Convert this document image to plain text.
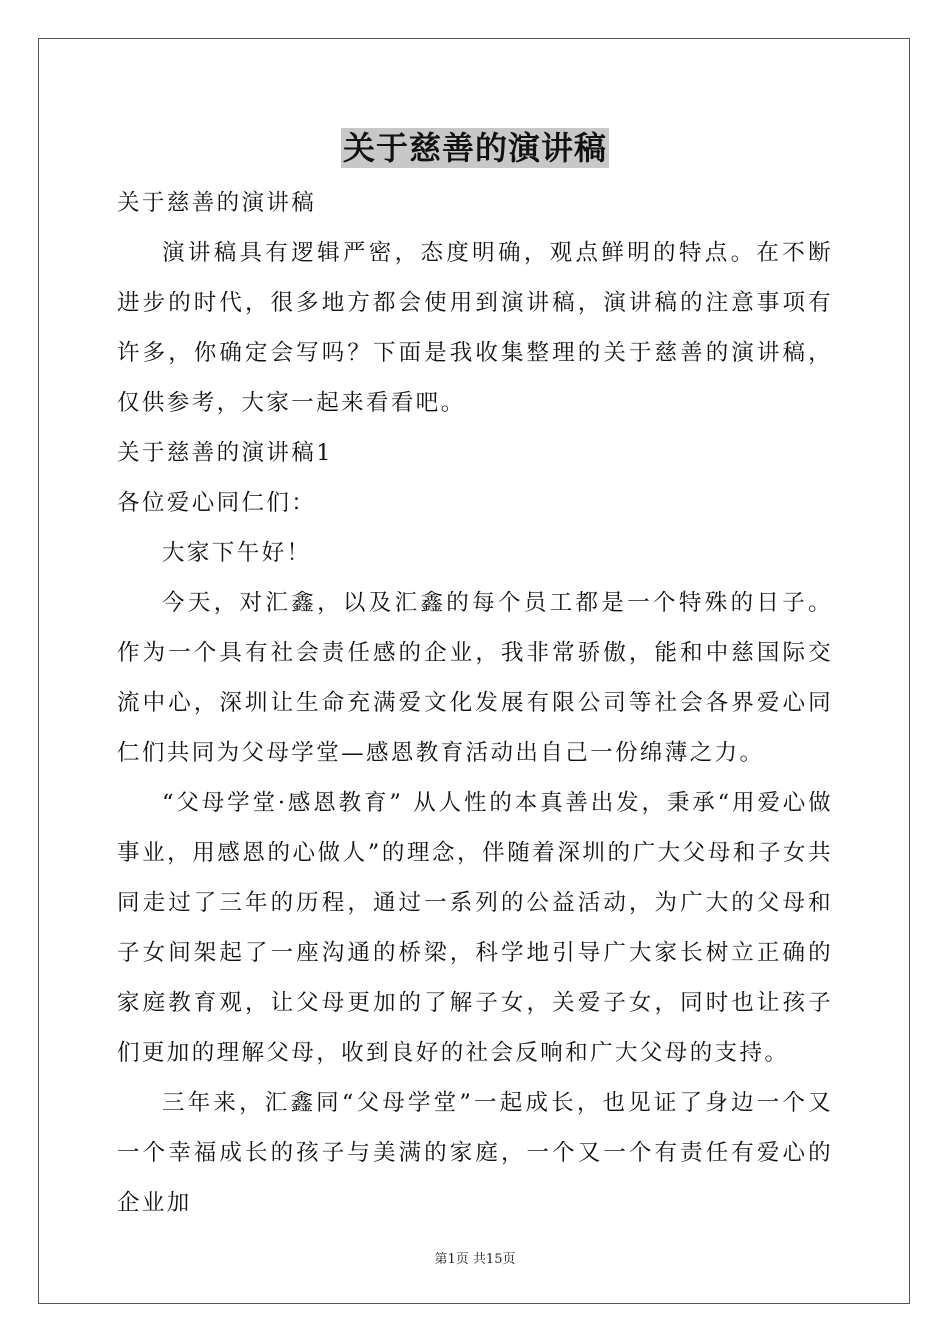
关于慈善的演讲稿
关于慈善的演讲稿

演讲稿具有逻辑严密，态度明确，观点鲜明的特点。在不断进步的时代，很多地方都会使用到演讲稿，演讲稿的注意事项有许多，你确定会写吗？下面是我收集整理的关于慈善的演讲稿，仅供参考，大家一起来看看吧。

关于慈善的演讲稿1
各位爱心同仁们：

大家下午好！

今天，对汇鑫，以及汇鑫的每个员工都是一个特殊的日子。作为一个具有社会责任感的企业，我非常骄傲，能和中慈国际交流中心，深圳让生命充满爱文化发展有限公司等社会各界爱心同仁们共同为父母学堂—感恩教育活动出自己一份绵薄之力。

“父母学堂·感恩教育” 从人性的本真善出发，秉承“用爱心做事业，用感恩的心做人”的理念，伴随着深圳的广大父母和子女共同走过了三年的历程，通过一系列的公益活动，为广大的父母和子女间架起了一座沟通的桥梁，科学地引导广大家长树立正确的家庭教育观，让父母更加的了解子女，关爱子女，同时也让孩子们更加的理解父母，收到良好的社会反响和广大父母的支持。

三年来，汇鑫同“父母学堂”一起成长，也见证了身边一个又一个幸福成长的孩子与美满的家庭，一个又一个有责任有爱心的企业加

第1页 共15页
